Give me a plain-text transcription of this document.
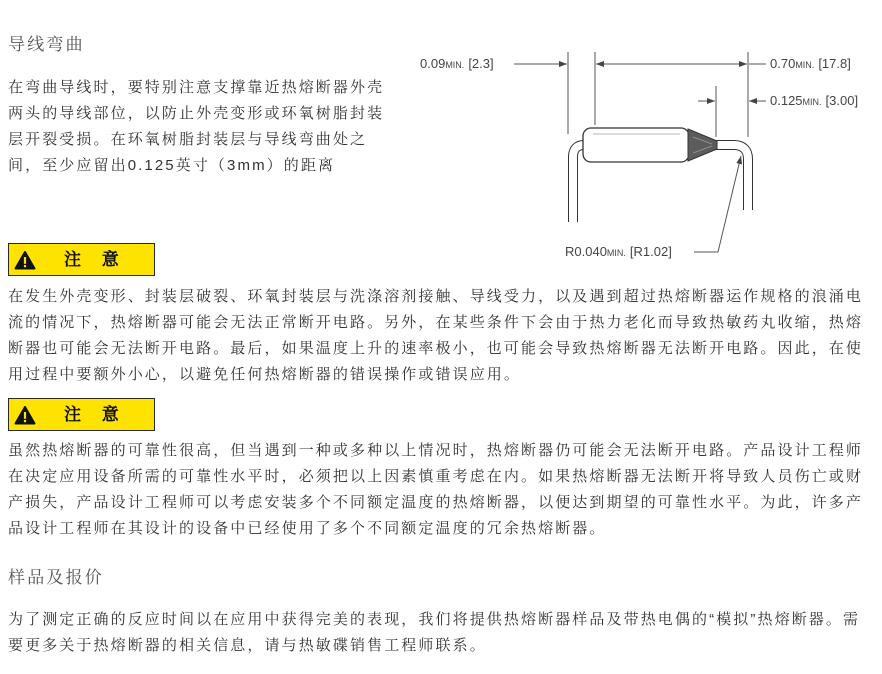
导线弯曲

在弯曲导线时，要特别注意支撑靠近热熔断器外壳
两头的导线部位，以防止外壳变形或环氧树脂封装
层开裂受损。在环氧树脂封装层与导线弯曲处之
间，至少应留出0.125英寸（3mm）的距离

0.09MIN. [2.3]	0.70MIN. [17.8]
0.125MIN. [3.00]
R0.040MIN. [R1.02]
注 意

在发生外壳变形、封装层破裂、环氧封装层与洗涤溶剂接触、导线受力，以及遇到超过热熔断器运作规格的浪涌电
流的情况下，热熔断器可能会无法正常断开电路。另外，在某些条件下会由于热力老化而导致热敏药丸收缩，热熔
断器也可能会无法断开电路。最后，如果温度上升的速率极小，也可能会导致热熔断器无法断开电路。因此，在使
用过程中要额外小心，以避免任何热熔断器的错误操作或错误应用。

注 意

虽然热熔断器的可靠性很高，但当遇到一种或多种以上情况时，热熔断器仍可能会无法断开电路。产品设计工程师
在决定应用设备所需的可靠性水平时，必须把以上因素慎重考虑在内。如果热熔断器无法断开将导致人员伤亡或财
产损失，产品设计工程师可以考虑安装多个不同额定温度的热熔断器，以便达到期望的可靠性水平。为此，许多产
品设计工程师在其设计的设备中已经使用了多个不同额定温度的冗余热熔断器。

样品及报价

为了测定正确的反应时间以在应用中获得完美的表现，我们将提供热熔断器样品及带热电偶的“模拟”热熔断器。需
要更多关于热熔断器的相关信息，请与热敏碟销售工程师联系。
